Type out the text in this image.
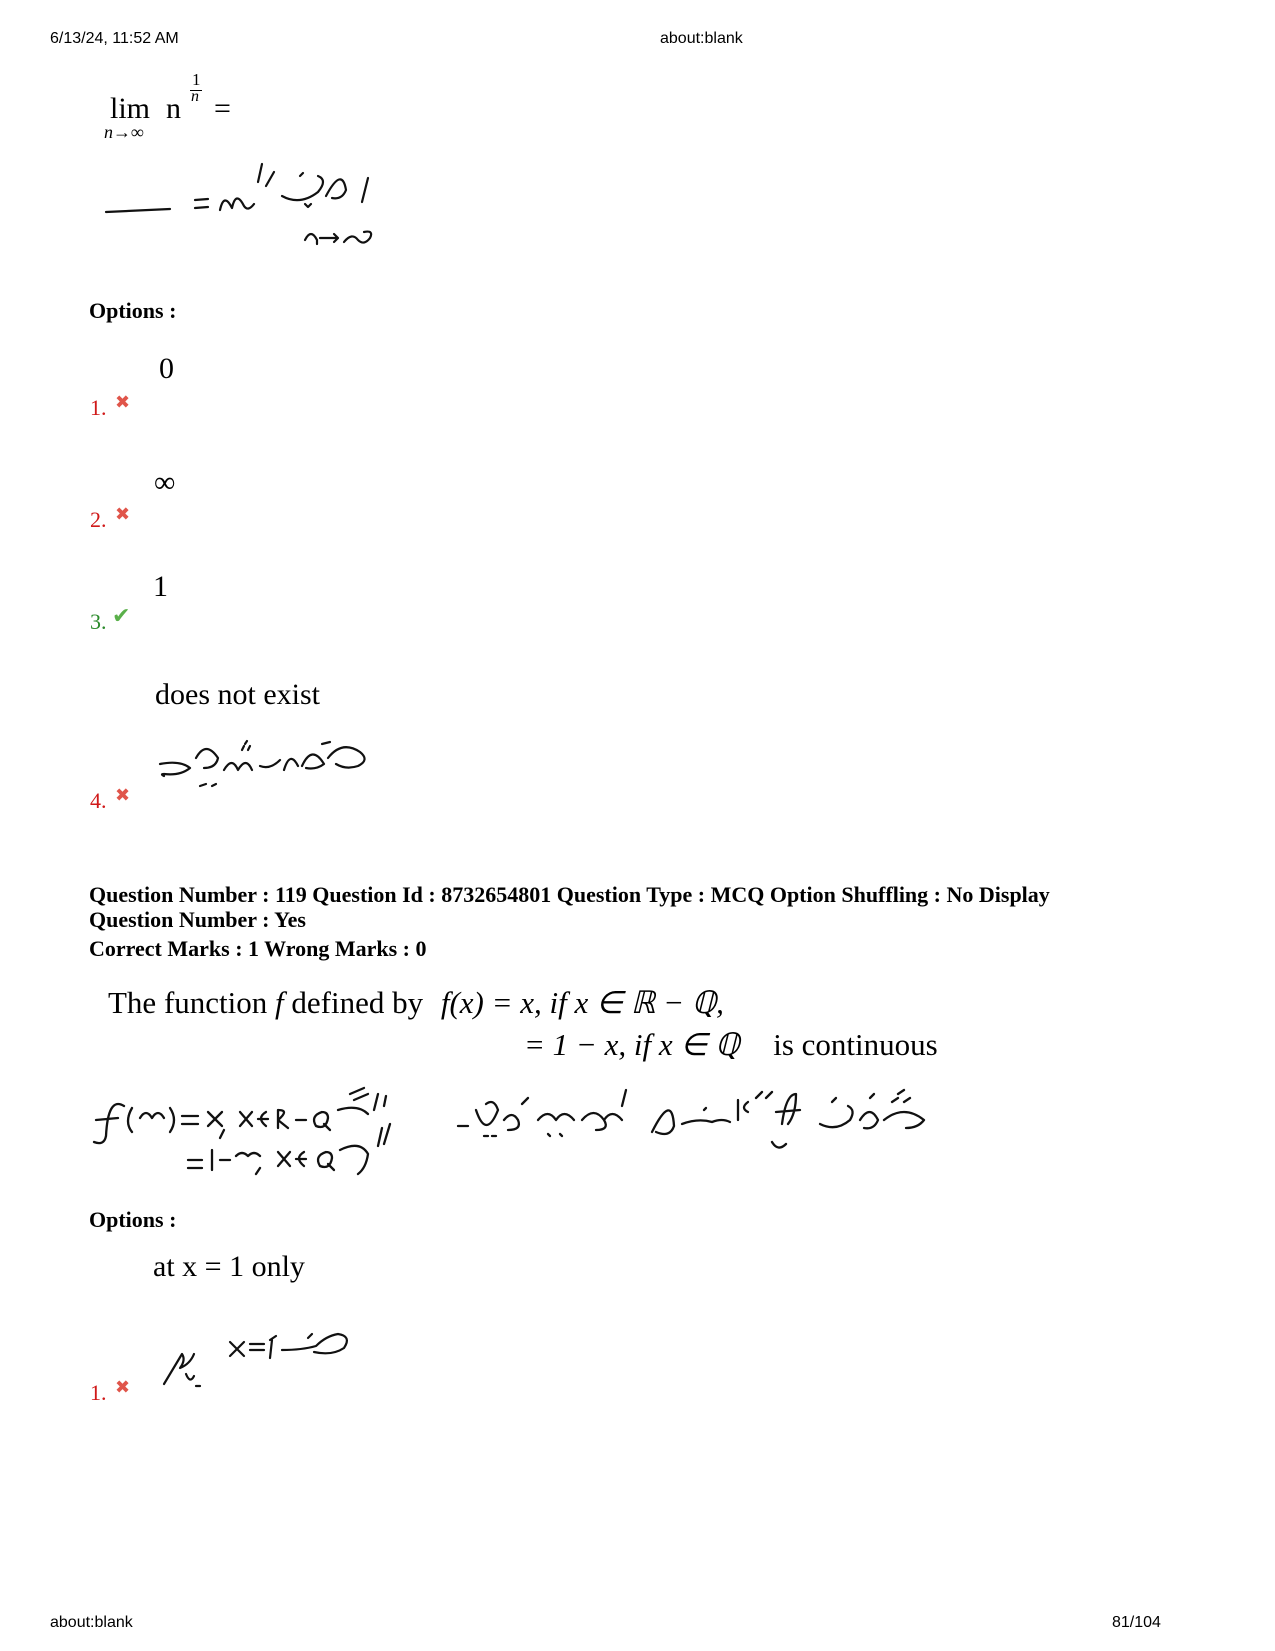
6/13/24, 11:52 AM	about:blank
lim
n→∞
n
1
n =
Options :
0
1. ✖
∞
2. ✖
1
3. ✔
does not exist
4. ✖
Question Number : 119 Question Id : 8732654801 Question Type : MCQ Option Shuffling : No Display
Question Number : Yes
Correct Marks : 1 Wrong Marks : 0
The function f defined by f(x) = x, if x ∈ ℝ − ℚ,
= 1 − x, if x ∈ ℚ is continuous
Options :
at x = 1 only
1. ✖
about:blank	81/104
